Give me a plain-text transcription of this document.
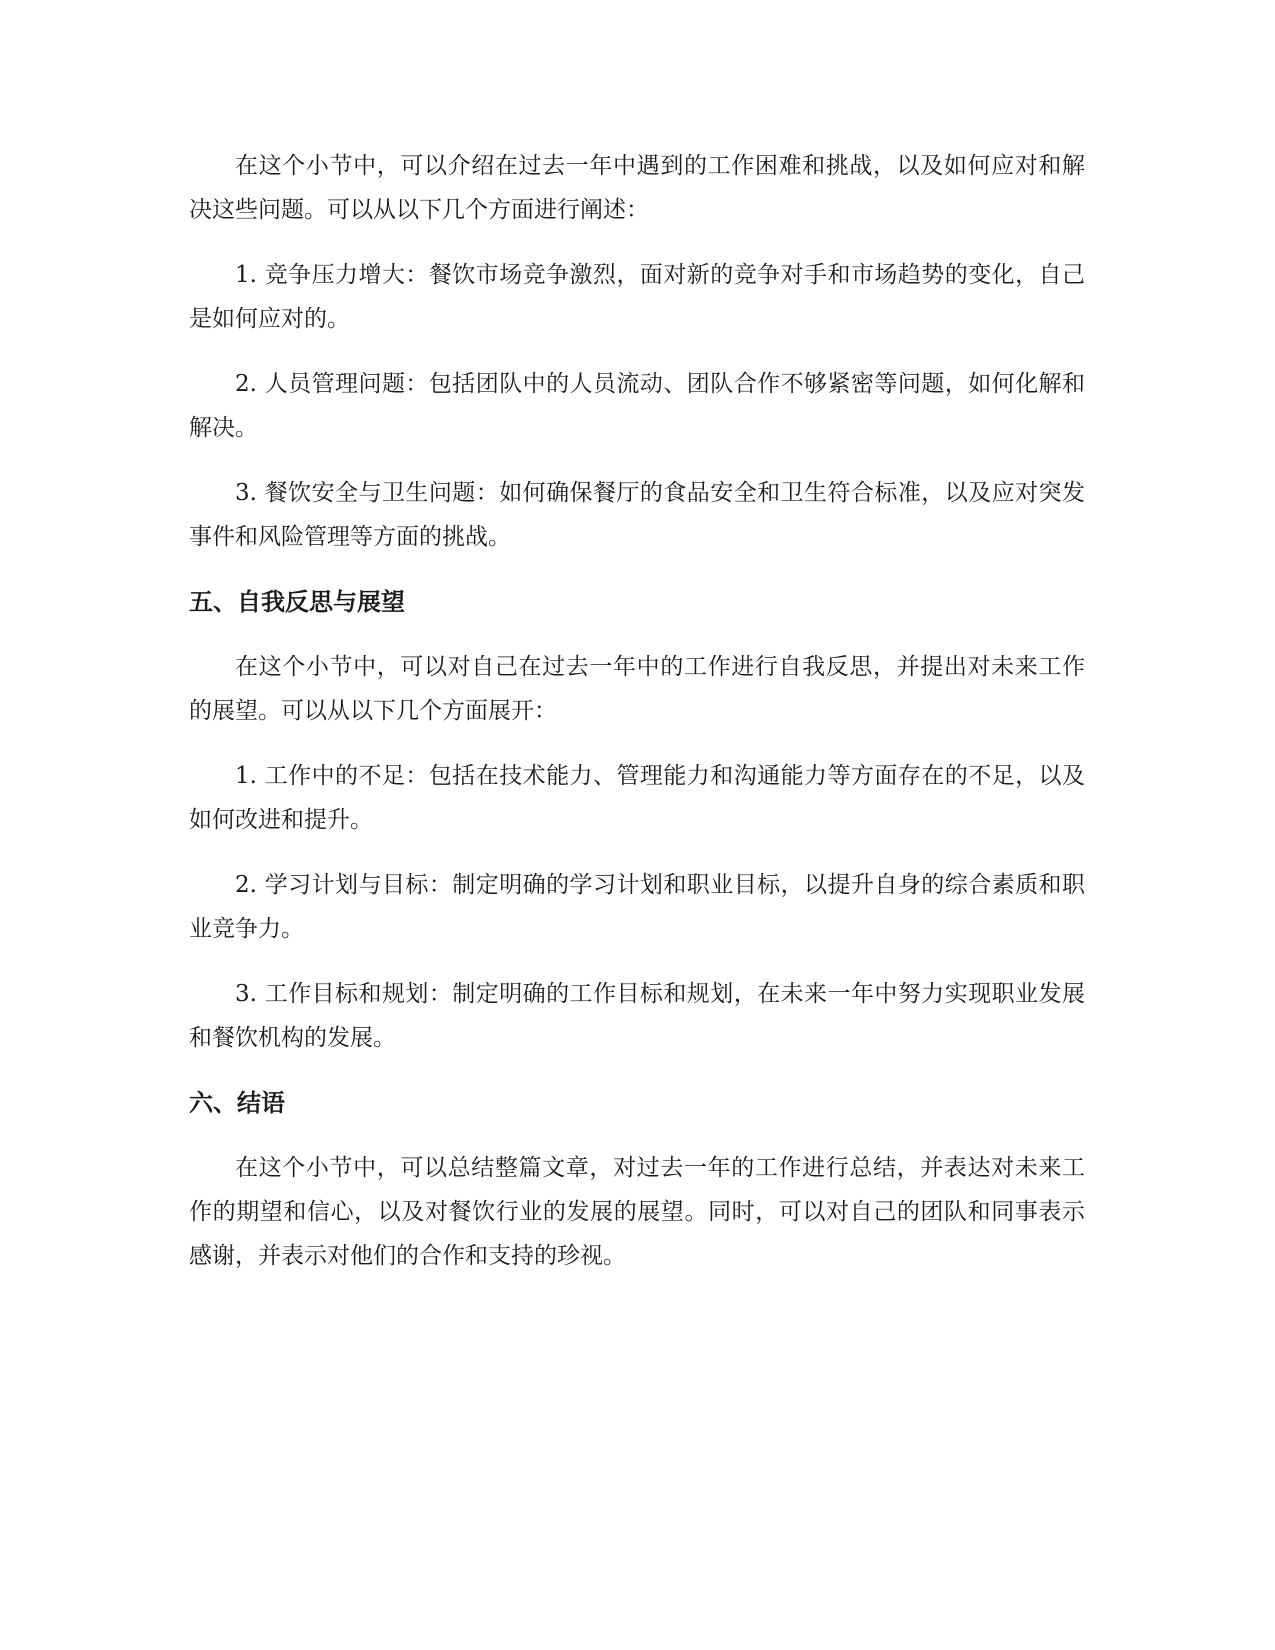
在这个小节中，可以介绍在过去一年中遇到的工作困难和挑战，以及如何应对和解决这些问题。可以从以下几个方面进行阐述：

1. 竞争压力增大：餐饮市场竞争激烈，面对新的竞争对手和市场趋势的变化，自己是如何应对的。

2. 人员管理问题：包括团队中的人员流动、团队合作不够紧密等问题，如何化解和解决。

3. 餐饮安全与卫生问题：如何确保餐厅的食品安全和卫生符合标准，以及应对突发事件和风险管理等方面的挑战。

五、自我反思与展望

在这个小节中，可以对自己在过去一年中的工作进行自我反思，并提出对未来工作的展望。可以从以下几个方面展开：

1. 工作中的不足：包括在技术能力、管理能力和沟通能力等方面存在的不足，以及如何改进和提升。

2. 学习计划与目标：制定明确的学习计划和职业目标，以提升自身的综合素质和职业竞争力。

3. 工作目标和规划：制定明确的工作目标和规划，在未来一年中努力实现职业发展和餐饮机构的发展。

六、结语

在这个小节中，可以总结整篇文章，对过去一年的工作进行总结，并表达对未来工作的期望和信心，以及对餐饮行业的发展的展望。同时，可以对自己的团队和同事表示感谢，并表示对他们的合作和支持的珍视。
